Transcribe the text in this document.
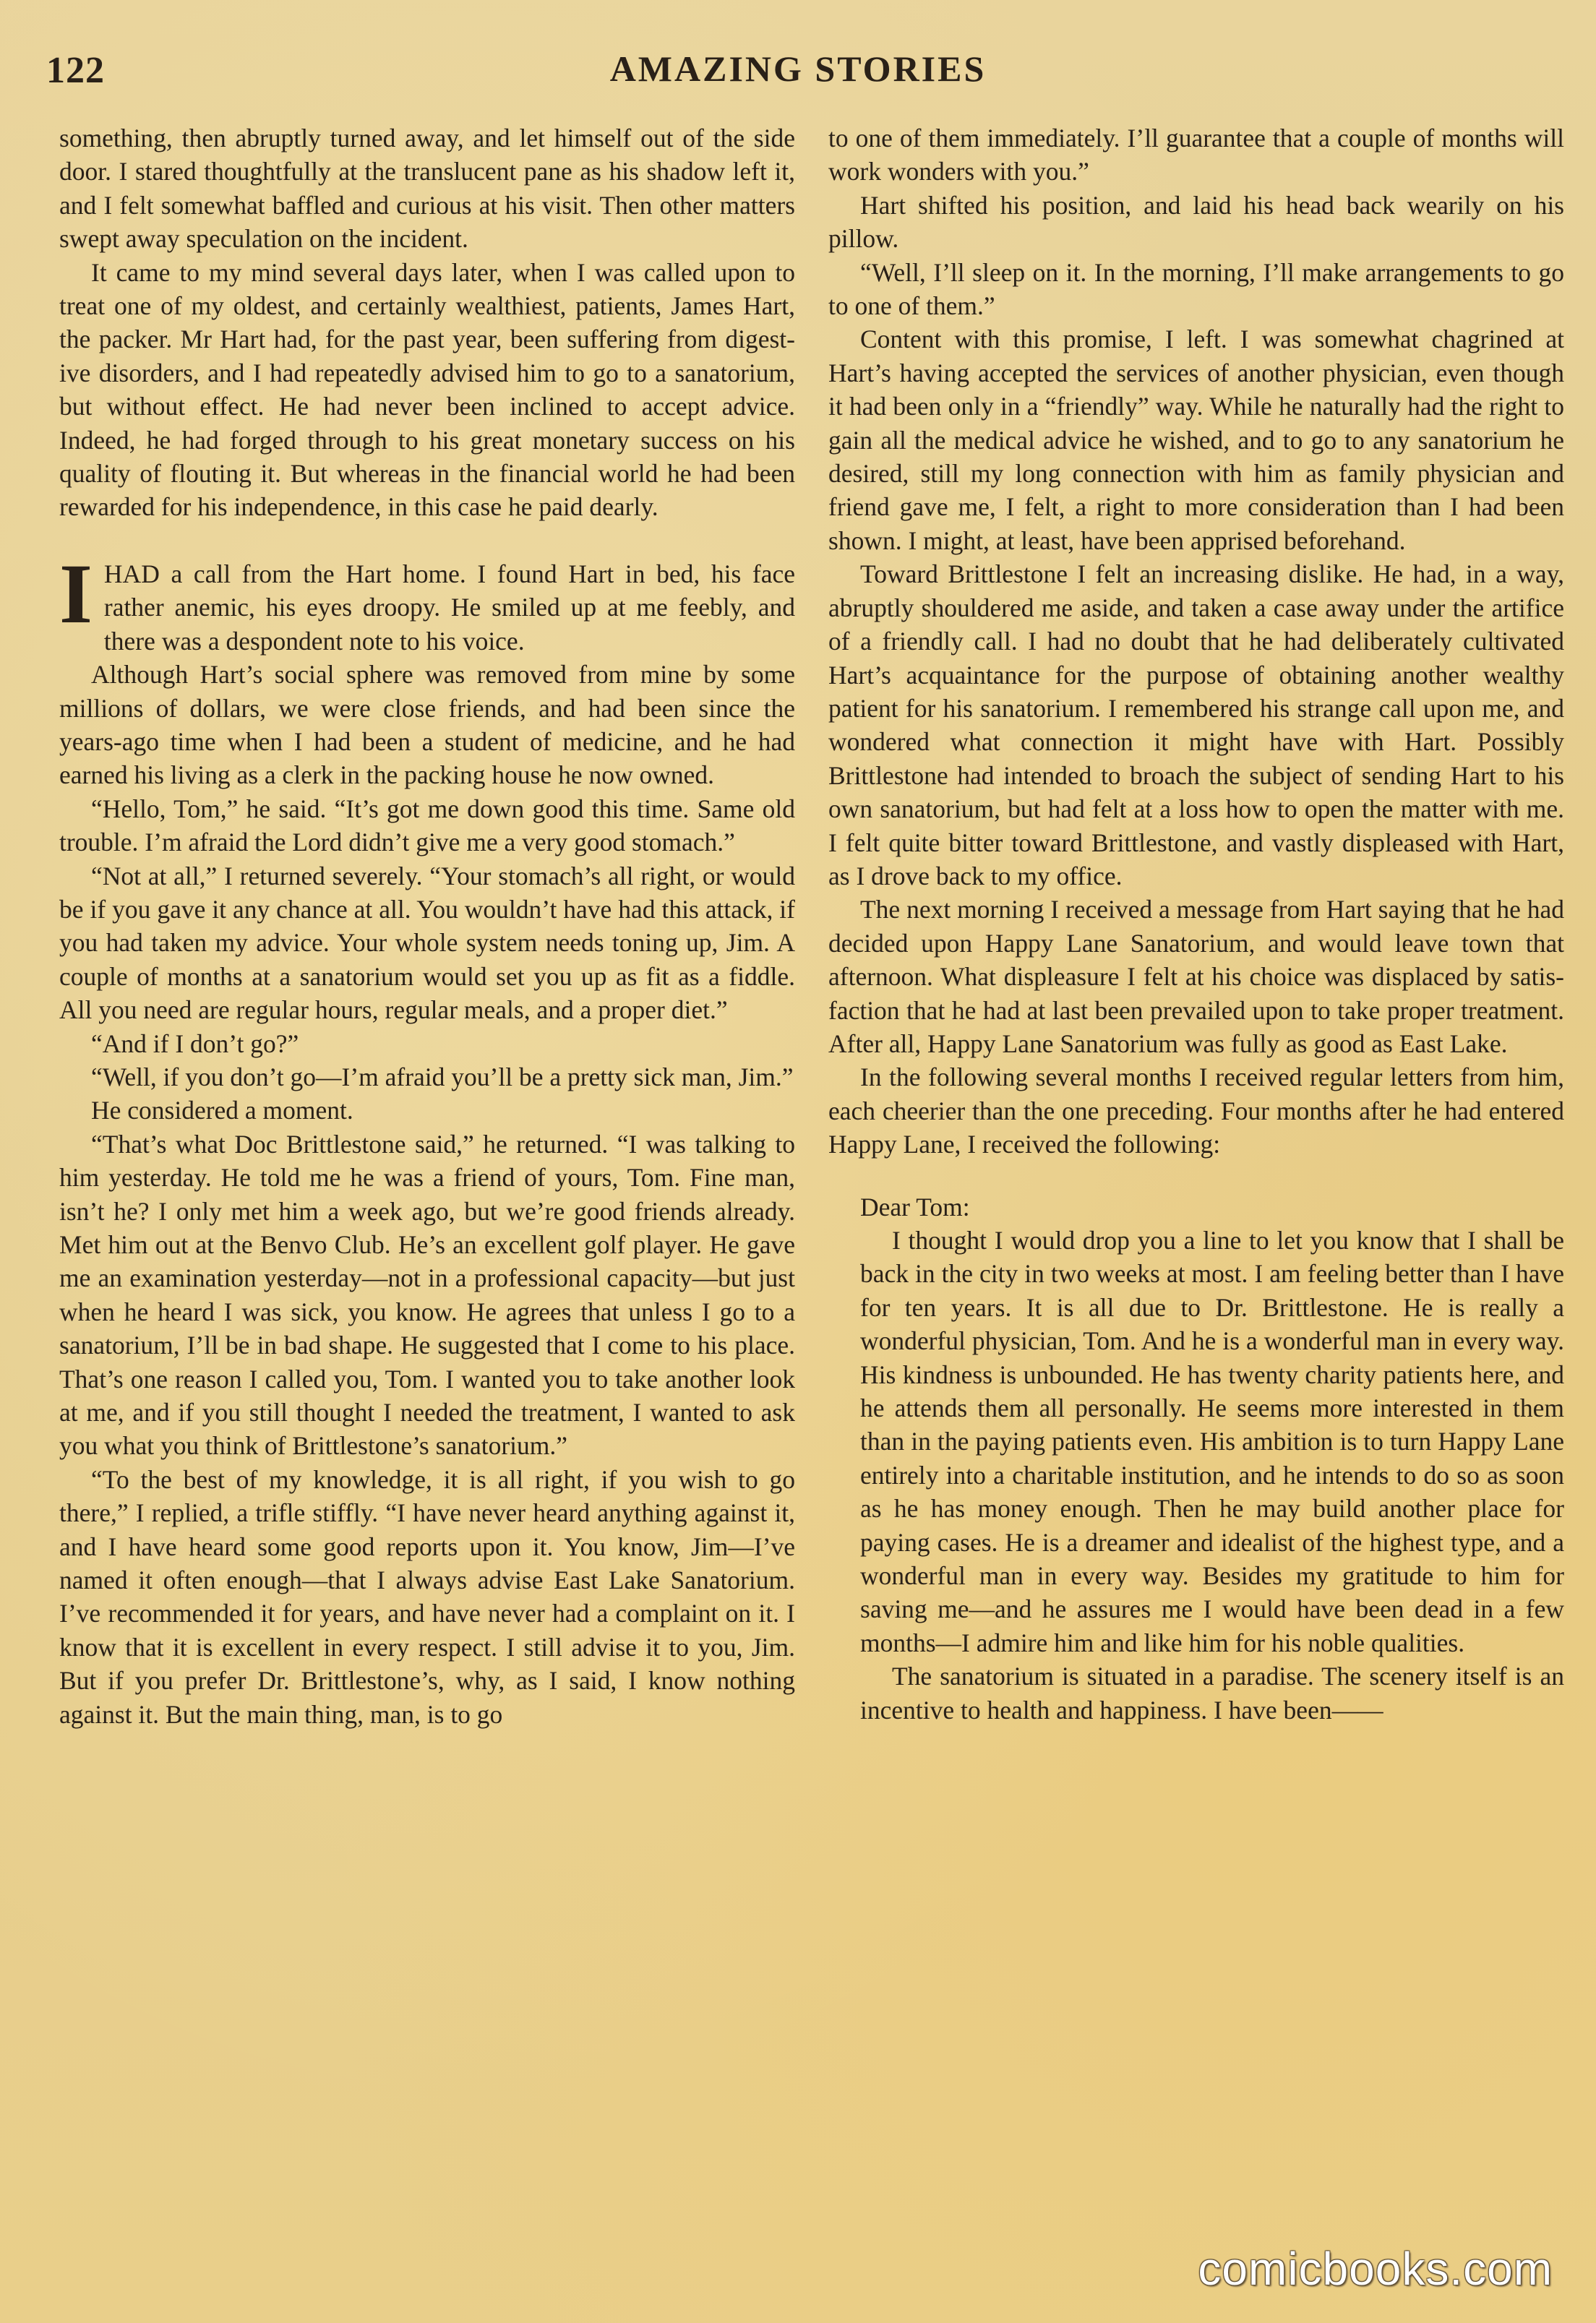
122	AMAZING STORIES

something, then abruptly turned away, and let himself out of the side door. I stared thoughtfully at the translucent pane as his shadow left it, and I felt somewhat baffled and curious at his visit. Then other matters swept away speculation on the incident.

It came to my mind several days later, when I was called upon to treat one of my oldest, and certainly wealthiest, patients, James Hart, the packer. Mr Hart had, for the past year, been suffering from digestive disorders, and I had repeatedly advised him to go to a sanatorium, but without effect. He had never been inclined to accept advice. Indeed, he had forged through to his great monetary success on his quality of flouting it. But whereas in the financial world he had been rewarded for his independence, in this case he paid dearly.

IHAD a call from the Hart home. I found Hart in bed, his face rather anemic, his eyes droopy. He smiled up at me feebly, and there was a despondent note to his voice.

Although Hart’s social sphere was removed from mine by some millions of dollars, we were close friends, and had been since the years-ago time when I had been a student of medicine, and he had earned his living as a clerk in the packing house he now owned.

“Hello, Tom,” he said. “It’s got me down good this time. Same old trouble. I’m afraid the Lord didn’t give me a very good stomach.”

“Not at all,” I returned severely. “Your stomach’s all right, or would be if you gave it any chance at all. You wouldn’t have had this attack, if you had taken my advice. Your whole system needs toning up, Jim. A couple of months at a sanatorium would set you up as fit as a fiddle. All you need are regular hours, regular meals, and a proper diet.”

“And if I don’t go?”

“Well, if you don’t go—I’m afraid you’ll be a pretty sick man, Jim.”

He considered a moment.

“That’s what Doc Brittlestone said,” he returned. “I was talking to him yesterday. He told me he was a friend of yours, Tom. Fine man, isn’t he? I only met him a week ago, but we’re good friends already. Met him out at the Benvo Club. He’s an excellent golf player. He gave me an examination yesterday—not in a professional capacity—but just when he heard I was sick, you know. He agrees that unless I go to a sanatorium, I’ll be in bad shape. He suggested that I come to his place. That’s one reason I called you, Tom. I wanted you to take another look at me, and if you still thought I needed the treatment, I wanted to ask you what you think of Brittlestone’s sanatorium.”

“To the best of my knowledge, it is all right, if you wish to go there,” I replied, a trifle stiffly. “I have never heard anything against it, and I have heard some good reports upon it. You know, Jim—I’ve named it often enough—that I always advise East Lake Sanatorium. I’ve recommended it for years, and have never had a complaint on it. I know that it is excellent in every respect. I still advise it to you, Jim. But if you prefer Dr. Brittlestone’s, why, as I said, I know nothing against it. But the main thing, man, is to go

to one of them immediately. I’ll guarantee that a couple of months will work wonders with you.”

Hart shifted his position, and laid his head back wearily on his pillow.

“Well, I’ll sleep on it. In the morning, I’ll make arrangements to go to one of them.”

Content with this promise, I left. I was somewhat chagrined at Hart’s having accepted the services of another physician, even though it had been only in a “friendly” way. While he naturally had the right to gain all the medical advice he wished, and to go to any sanatorium he desired, still my long connection with him as family physician and friend gave me, I felt, a right to more consideration than I had been shown. I might, at least, have been apprised beforehand.

Toward Brittlestone I felt an increasing dislike. He had, in a way, abruptly shouldered me aside, and taken a case away under the artifice of a friendly call. I had no doubt that he had deliberately cultivated Hart’s acquaintance for the purpose of obtaining another wealthy patient for his sanatorium. I remembered his strange call upon me, and wondered what connection it might have with Hart. Possibly Brittlestone had intended to broach the subject of sending Hart to his own sanatorium, but had felt at a loss how to open the matter with me. I felt quite bitter toward Brittlestone, and vastly displeased with Hart, as I drove back to my office.

The next morning I received a message from Hart saying that he had decided upon Happy Lane Sanatorium, and would leave town that afternoon. What displeasure I felt at his choice was displaced by satisfaction that he had at last been prevailed upon to take proper treatment. After all, Happy Lane Sanatorium was fully as good as East Lake.

In the following several months I received regular letters from him, each cheerier than the one preceding. Four months after he had entered Happy Lane, I received the following:

Dear Tom:

I thought I would drop you a line to let you know that I shall be back in the city in two weeks at most. I am feeling better than I have for ten years. It is all due to Dr. Brittlestone. He is really a wonderful physician, Tom. And he is a wonderful man in every way. His kindness is unbounded. He has twenty charity patients here, and he attends them all personally. He seems more interested in them than in the paying patients even. His ambition is to turn Happy Lane entirely into a charitable institution, and he intends to do so as soon as he has money enough. Then he may build another place for paying cases. He is a dreamer and idealist of the highest type, and a wonderful man in every way. Besides my gratitude to him for saving me—and he assures me I would have been dead in a few months—I admire him and like him for his noble qualities.

The sanatorium is situated in a paradise. The scenery itself is an incentive to health and happiness. I have been——

comicbooks.com
